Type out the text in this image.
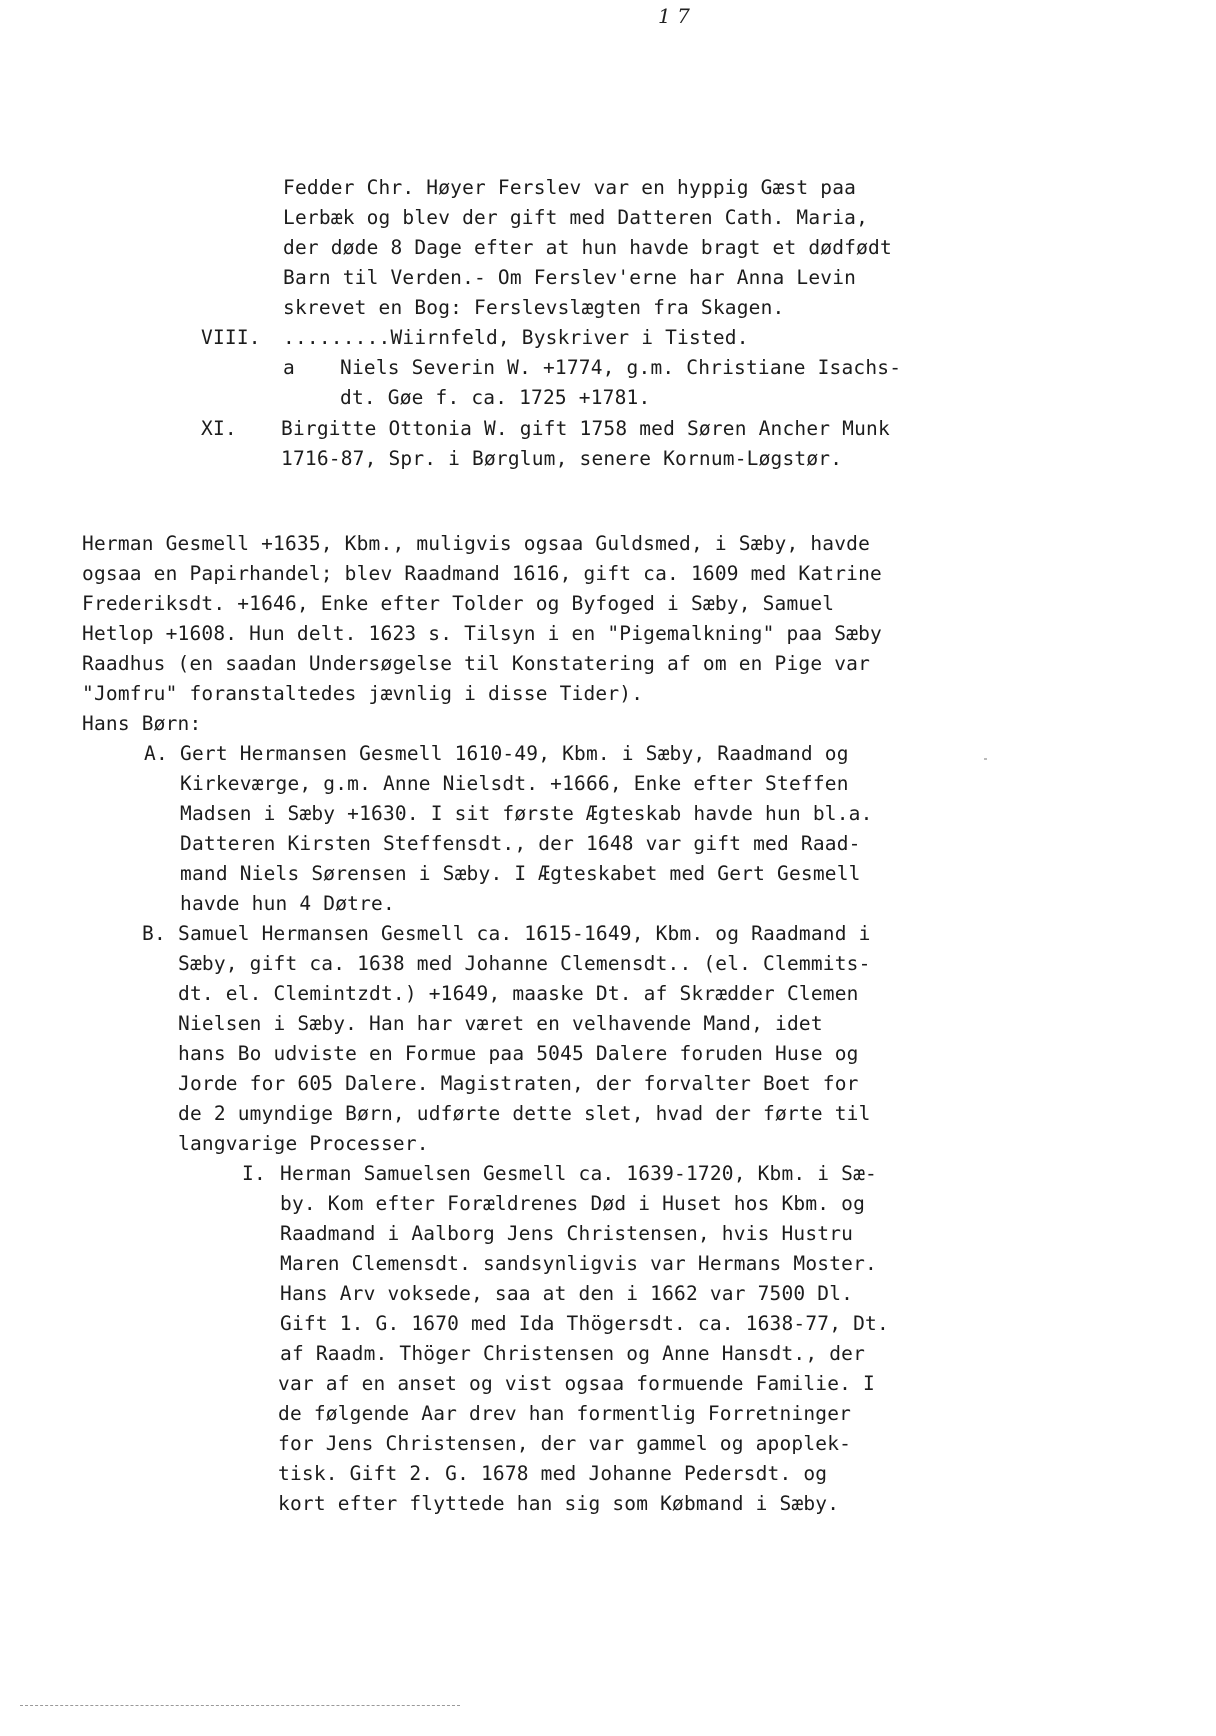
1 7
Fedder Chr. Høyer Ferslev var en hyppig Gæst paa
Lerbæk og blev der gift med Datteren Cath. Maria,
der døde 8 Dage efter at hun havde bragt et dødfødt
Barn til Verden.- Om Ferslev'erne har Anna Levin
skrevet en Bog: Ferslevslægten fra Skagen.
VIII. .........Wiirnfeld, Byskriver i Tisted.
a Niels Severin W. +1774, g.m. Christiane Isachs-
dt. Gøe f. ca. 1725 +1781.
XI. Birgitte Ottonia W. gift 1758 med Søren Ancher Munk
1716-87, Spr. i Børglum, senere Kornum-Løgstør.
Herman Gesmell +1635, Kbm., muligvis ogsaa Guldsmed, i Sæby, havde
ogsaa en Papirhandel; blev Raadmand 1616, gift ca. 1609 med Katrine
Frederiksdt. +1646, Enke efter Tolder og Byfoged i Sæby, Samuel
Hetlop +1608. Hun delt. 1623 s. Tilsyn i en "Pigemalkning" paa Sæby
Raadhus (en saadan Undersøgelse til Konstatering af om en Pige var
"Jomfru" foranstaltedes jævnlig i disse Tider).
Hans Børn:
A. Gert Hermansen Gesmell 1610-49, Kbm. i Sæby, Raadmand og
Kirkeværge, g.m. Anne Nielsdt. +1666, Enke efter Steffen
Madsen i Sæby +1630. I sit første Ægteskab havde hun bl.a.
Datteren Kirsten Steffensdt., der 1648 var gift med Raad-
mand Niels Sørensen i Sæby. I Ægteskabet med Gert Gesmell
havde hun 4 Døtre.
B. Samuel Hermansen Gesmell ca. 1615-1649, Kbm. og Raadmand i
Sæby, gift ca. 1638 med Johanne Clemensdt.. (el. Clemmits-
dt. el. Clemintzdt.) +1649, maaske Dt. af Skrædder Clemen
Nielsen i Sæby. Han har været en velhavende Mand, idet
hans Bo udviste en Formue paa 5045 Dalere foruden Huse og
Jorde for 605 Dalere. Magistraten, der forvalter Boet for
de 2 umyndige Børn, udførte dette slet, hvad der førte til
langvarige Processer.
I. Herman Samuelsen Gesmell ca. 1639-1720, Kbm. i Sæ-
by. Kom efter Forældrenes Død i Huset hos Kbm. og
Raadmand i Aalborg Jens Christensen, hvis Hustru
Maren Clemensdt. sandsynligvis var Hermans Moster.
Hans Arv voksede, saa at den i 1662 var 7500 Dl.
Gift 1. G. 1670 med Ida Thögersdt. ca. 1638-77, Dt.
af Raadm. Thöger Christensen og Anne Hansdt., der
var af en anset og vist ogsaa formuende Familie. I
de følgende Aar drev han formentlig Forretninger
for Jens Christensen, der var gammel og apoplek-
tisk. Gift 2. G. 1678 med Johanne Pedersdt. og
kort efter flyttede han sig som Købmand i Sæby.
